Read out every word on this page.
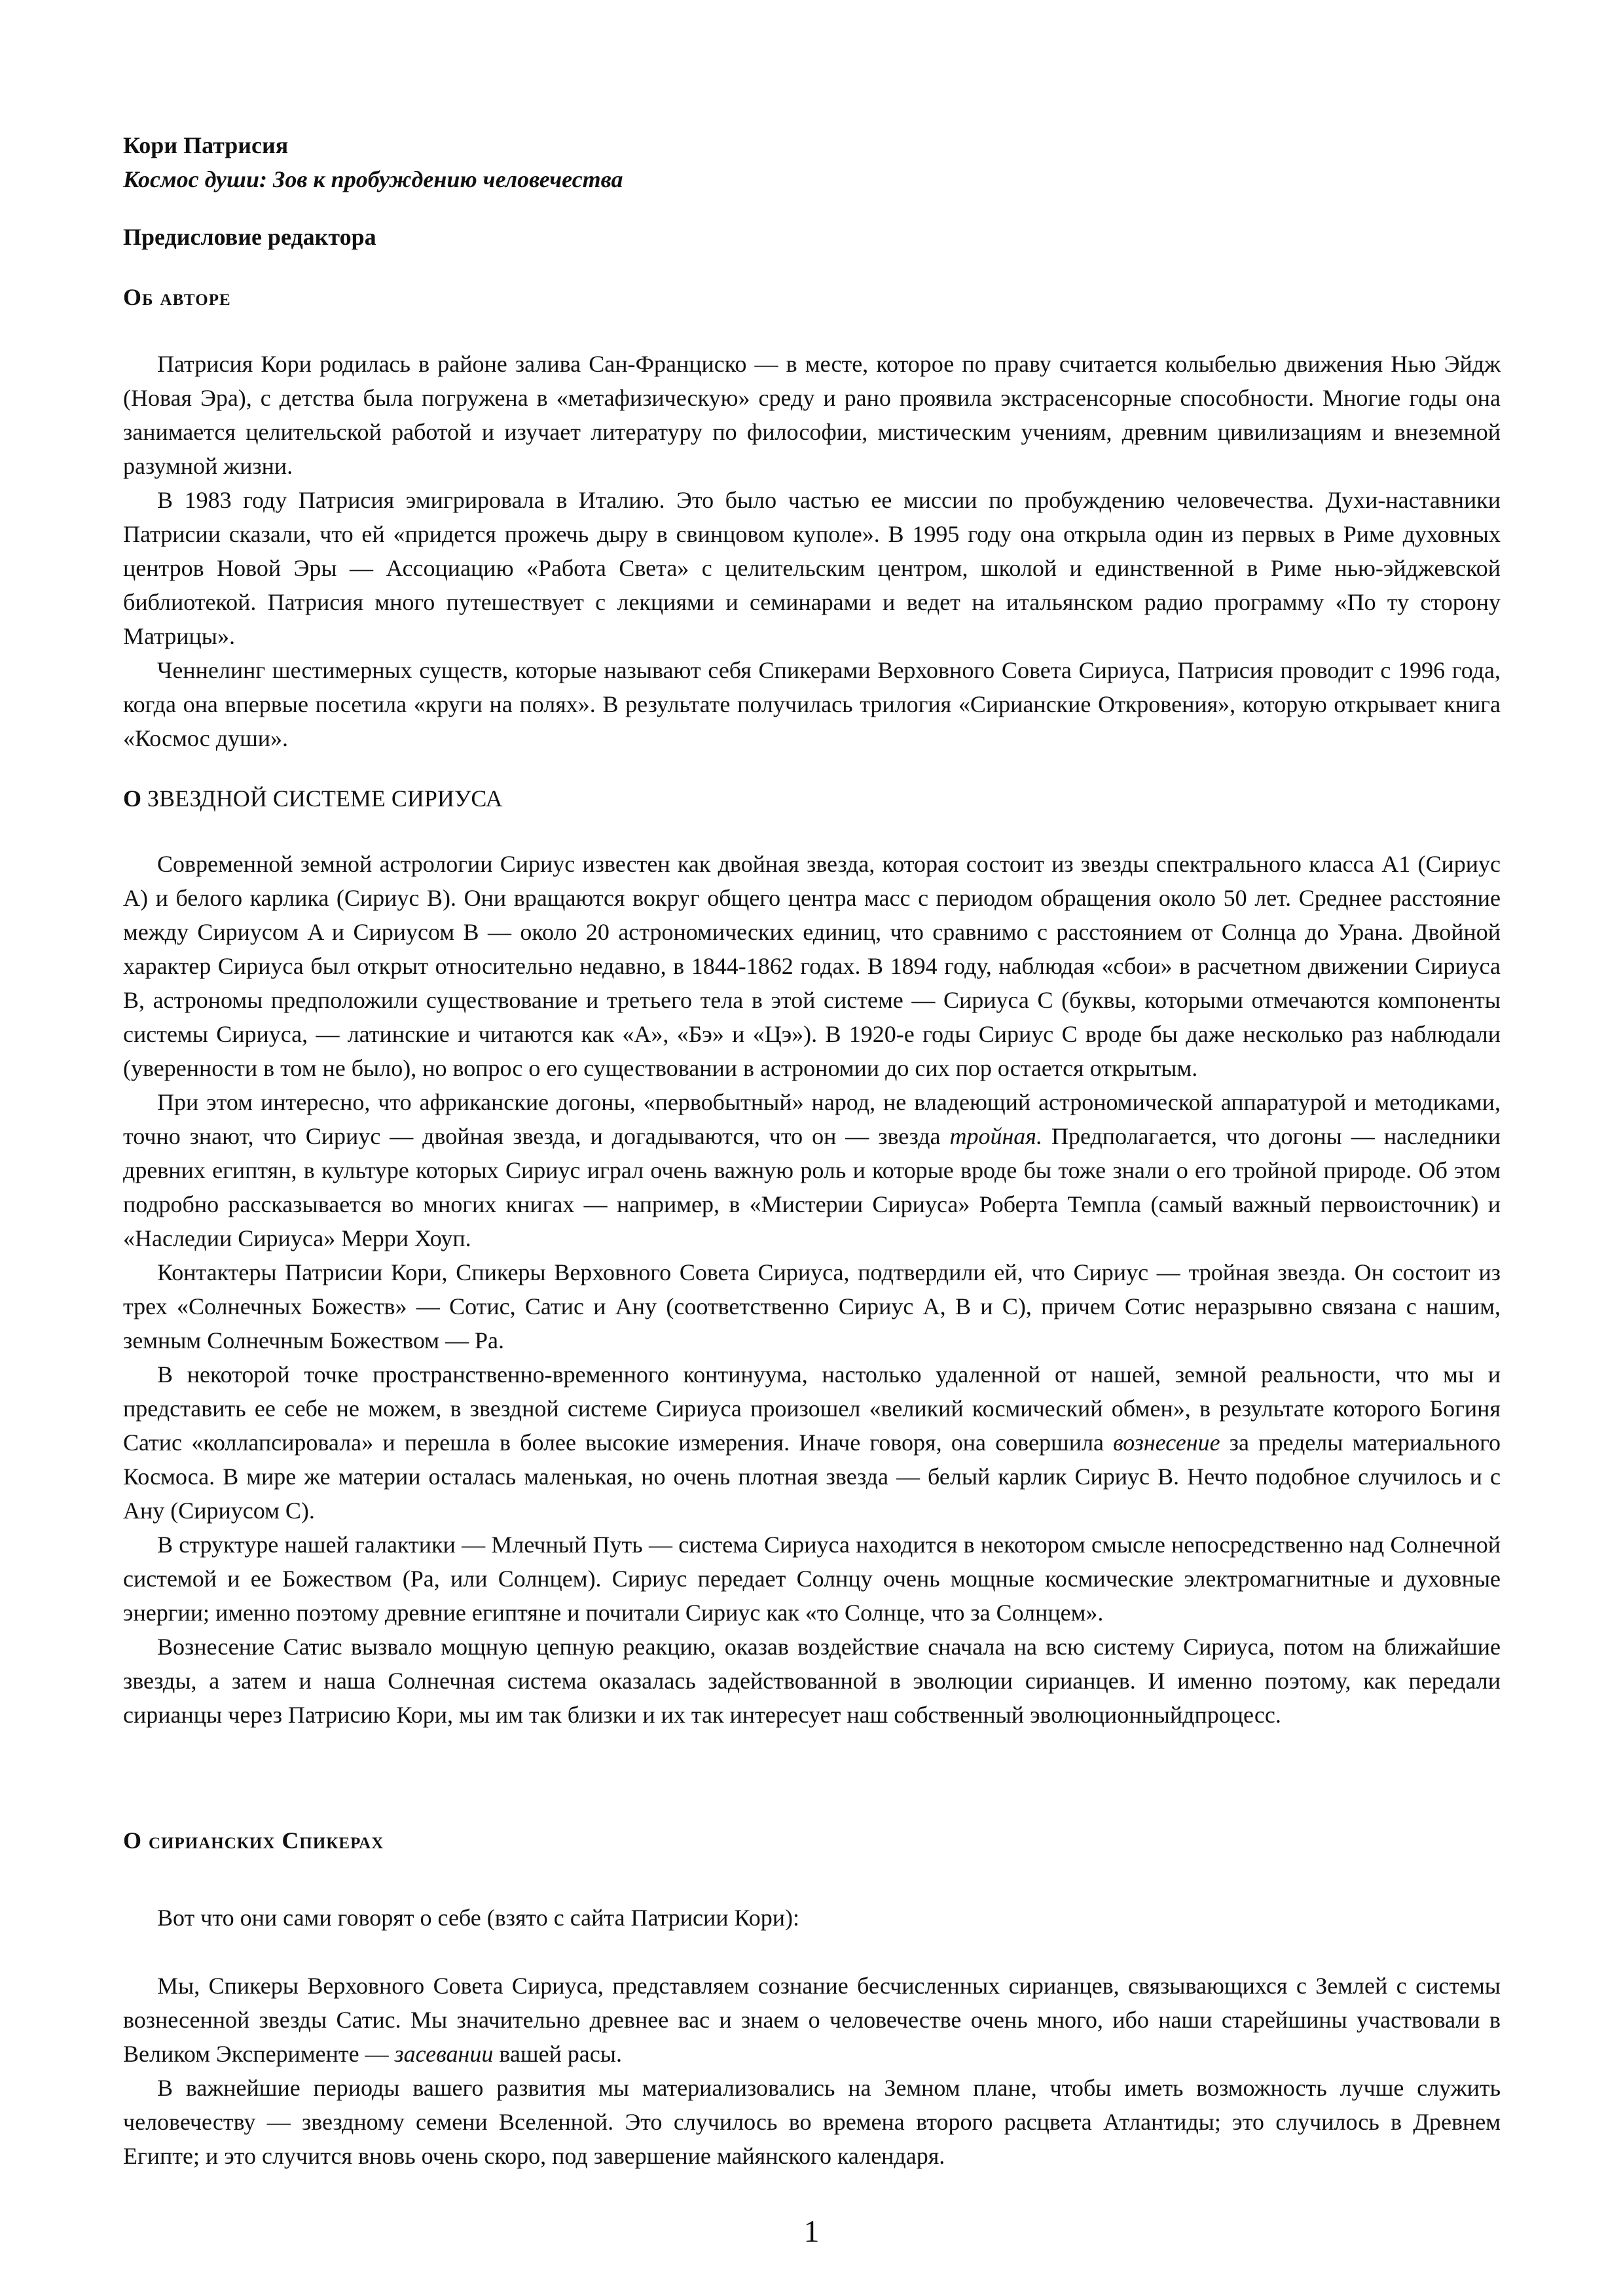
Кори Патрисия
Космос души: Зов к пробуждению человечества
Предисловие редактора
Об авторе

Патрисия Кори родилась в районе залива Сан-Франциско — в месте, которое по праву считается колыбелью движения Нью Эйдж (Новая Эра), с детства была погружена в «метафизическую» среду и рано проявила экстрасенсорные способности. Многие годы она занимается целительской работой и изучает литературу по философии, мистическим учениям, древним цивилизациям и внеземной разумной жизни.

В 1983 году Патрисия эмигрировала в Италию. Это было частью ее миссии по пробуждению человечества. Духи-наставники Патрисии сказали, что ей «придется прожечь дыру в свинцовом куполе». В 1995 году она открыла один из первых в Риме духовных центров Новой Эры — Ассоциацию «Работа Света» с целительским центром, школой и единственной в Риме нью-эйджевской библиотекой. Патрисия много путешествует с лекциями и семинарами и ведет на итальянском радио программу «По ту сторону Матрицы».

Ченнелинг шестимерных существ, которые называют себя Спикерами Верховного Совета Сириуса, Патрисия проводит с 1996 года, когда она впервые посетила «круги на полях». В результате получилась трилогия «Сирианские Откровения», которую открывает книга «Космос души».

О ЗВЕЗДНОЙ СИСТЕМЕ СИРИУСА

Современной земной астрологии Сириус известен как двойная звезда, которая состоит из звезды спектрального класса A1 (Сириус A) и белого карлика (Сириус B). Они вращаются вокруг общего центра масс с периодом обращения около 50 лет. Среднее расстояние между Сириусом A и Сириусом B — около 20 астрономических единиц, что сравнимо с расстоянием от Солнца до Урана. Двойной характер Сириуса был открыт относительно недавно, в 1844-1862 годах. В 1894 году, наблюдая «сбои» в расчетном движении Сириуса B, астрономы предположили существование и третьего тела в этой системе — Сириуса C (буквы, которыми отмечаются компоненты системы Сириуса, — латинские и читаются как «А», «Бэ» и «Цэ»). В 1920-е годы Сириус C вроде бы даже несколько раз наблюдали (уверенности в том не было), но вопрос о его существовании в астрономии до сих пор остается открытым.

При этом интересно, что африканские догоны, «первобытный» народ, не владеющий астрономической аппаратурой и методиками, точно знают, что Сириус — двойная звезда, и догадываются, что он — звезда тройная. Предполагается, что догоны — наследники древних египтян, в культуре которых Сириус играл очень важную роль и которые вроде бы тоже знали о его тройной природе. Об этом подробно рассказывается во многих книгах — например, в «Мистерии Сириуса» Роберта Темпла (самый важный первоисточник) и «Наследии Сириуса» Мерри Хоуп.

Контактеры Патрисии Кори, Спикеры Верховного Совета Сириуса, подтвердили ей, что Сириус — тройная звезда. Он состоит из трех «Солнечных Божеств» — Сотис, Сатис и Ану (соответственно Сириус A, B и C), причем Сотис неразрывно связана с нашим, земным Солнечным Божеством — Ра.

В некоторой точке пространственно-временного континуума, настолько удаленной от нашей, земной реальности, что мы и представить ее себе не можем, в звездной системе Сириуса произошел «великий космический обмен», в результате которого Богиня Сатис «коллапсировала» и перешла в более высокие измерения. Иначе говоря, она совершила вознесение за пределы материального Космоса. В мире же материи осталась маленькая, но очень плотная звезда — белый карлик Сириус B. Нечто подобное случилось и с Ану (Сириусом C).

В структуре нашей галактики — Млечный Путь — система Сириуса находится в некотором смысле непосредственно над Солнечной системой и ее Божеством (Ра, или Солнцем). Сириус передает Солнцу очень мощные космические электромагнитные и духовные энергии; именно поэтому древние египтяне и почитали Сириус как «то Солнце, что за Солнцем».

Вознесение Сатис вызвало мощную цепную реакцию, оказав воздействие сначала на всю систему Сириуса, потом на ближайшие звезды, а затем и наша Солнечная система оказалась задействованной в эволюции сирианцев. И именно поэтому, как передали сирианцы через Патрисию Кори, мы им так близки и их так интересует наш собственный эволюционныйдпроцесс.

О сирианских Спикерах

Вот что они сами говорят о себе (взято с сайта Патрисии Кори):

Мы, Спикеры Верховного Совета Сириуса, представляем сознание бесчисленных сирианцев, связывающихся с Землей с системы вознесенной звезды Сатис. Мы значительно древнее вас и знаем о человечестве очень много, ибо наши старейшины участвовали в Великом Эксперименте — засевании вашей расы.

В важнейшие периоды вашего развития мы материализовались на Земном плане, чтобы иметь возможность лучше служить человечеству — звездному семени Вселенной. Это случилось во времена второго расцвета Атлантиды; это случилось в Древнем Египте; и это случится вновь очень скоро, под завершение майянского календаря.

1
